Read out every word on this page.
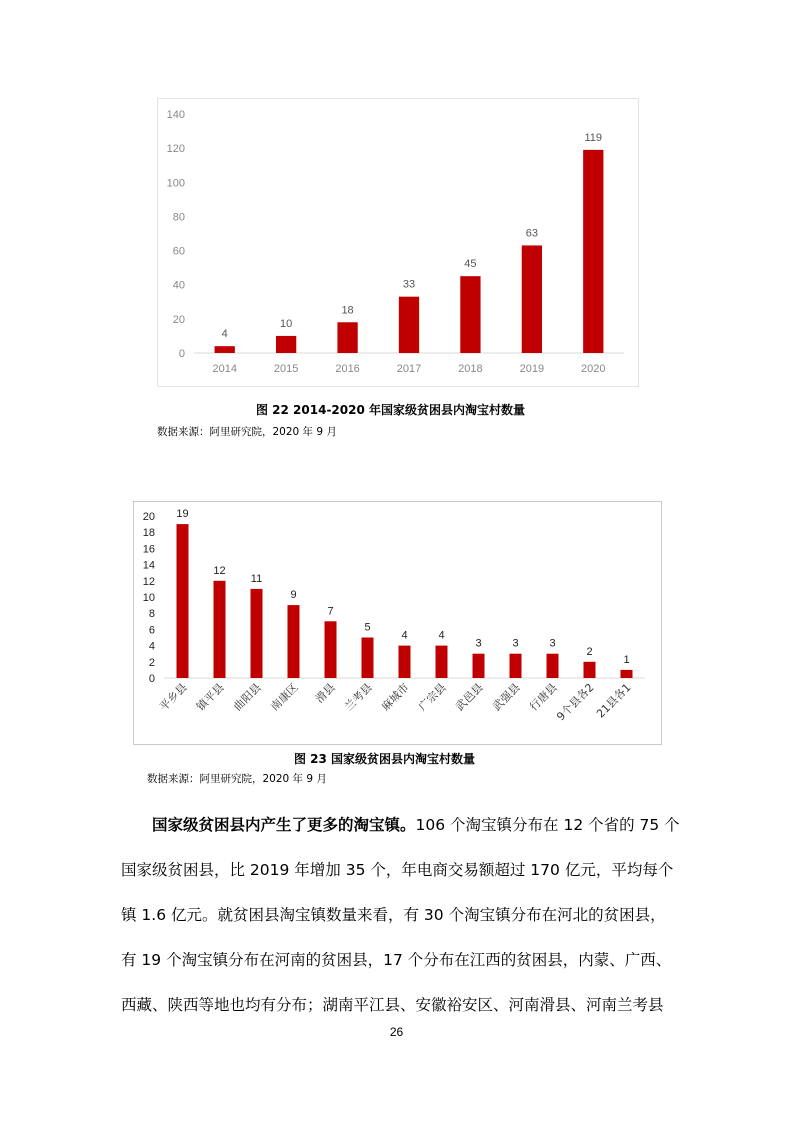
0
20
40
60
80
100
120
140
4
2014
10
2015
18
2016
33
2017
45
2018
63
2019
119
2020
图 22 2014-2020 年国家级贫困县内淘宝村数量
数据来源：阿里研究院，2020 年 9 月
0
2
4
6
8
10
12
14
16
18
20 19
平乡县
12
镇平县
11
曲阳县
9
南康区
7
滑县
5
兰考县
4
麻城市
4
广宗县
3
武邑县
3
武强县
3
行唐县
2
9个县各2
1
21县各1
图 23 国家级贫困县内淘宝村数量
数据来源：阿里研究院，2020 年 9 月
国家级贫困县内产生了更多的淘宝镇。106 个淘宝镇分布在 12 个省的 75 个
国家级贫困县，比 2019 年增加 35 个，年电商交易额超过 170 亿元，平均每个
镇 1.6 亿元。就贫困县淘宝镇数量来看，有 30 个淘宝镇分布在河北的贫困县，
有 19 个淘宝镇分布在河南的贫困县，17 个分布在江西的贫困县，内蒙、广西、
西藏、陕西等地也均有分布；湖南平江县、安徽裕安区、河南滑县、河南兰考县
26
